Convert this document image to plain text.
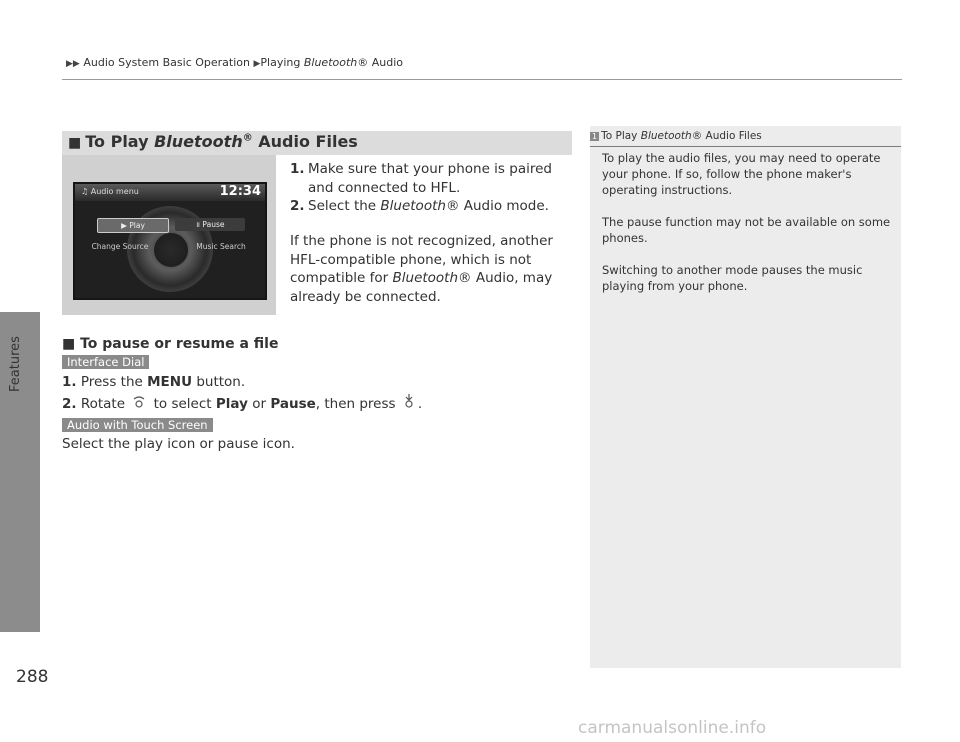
Features
288
▶▶ Audio System Basic Operation ▶Playing Bluetooth® Audio
■ To Play Bluetooth® Audio Files
♫ Audio menu	12:34
▶ Play	॥ Pause
Change Source	Music Search
1. Make sure that your phone is paired and connected to HFL.
2. Select the Bluetooth® Audio mode.
If the phone is not recognized, another HFL-compatible phone, which is not compatible for Bluetooth® Audio, may already be connected.
■ To pause or resume a file
Interface Dial
1. Press the MENU button.
2. Rotate  to select Play or Pause, then press .
Audio with Touch Screen
Select the play icon or pause icon.
1 To Play Bluetooth® Audio Files
To play the audio files, you may need to operate your phone. If so, follow the phone maker's operating instructions.
The pause function may not be available on some phones.
Switching to another mode pauses the music playing from your phone.
carmanualsonline.info
